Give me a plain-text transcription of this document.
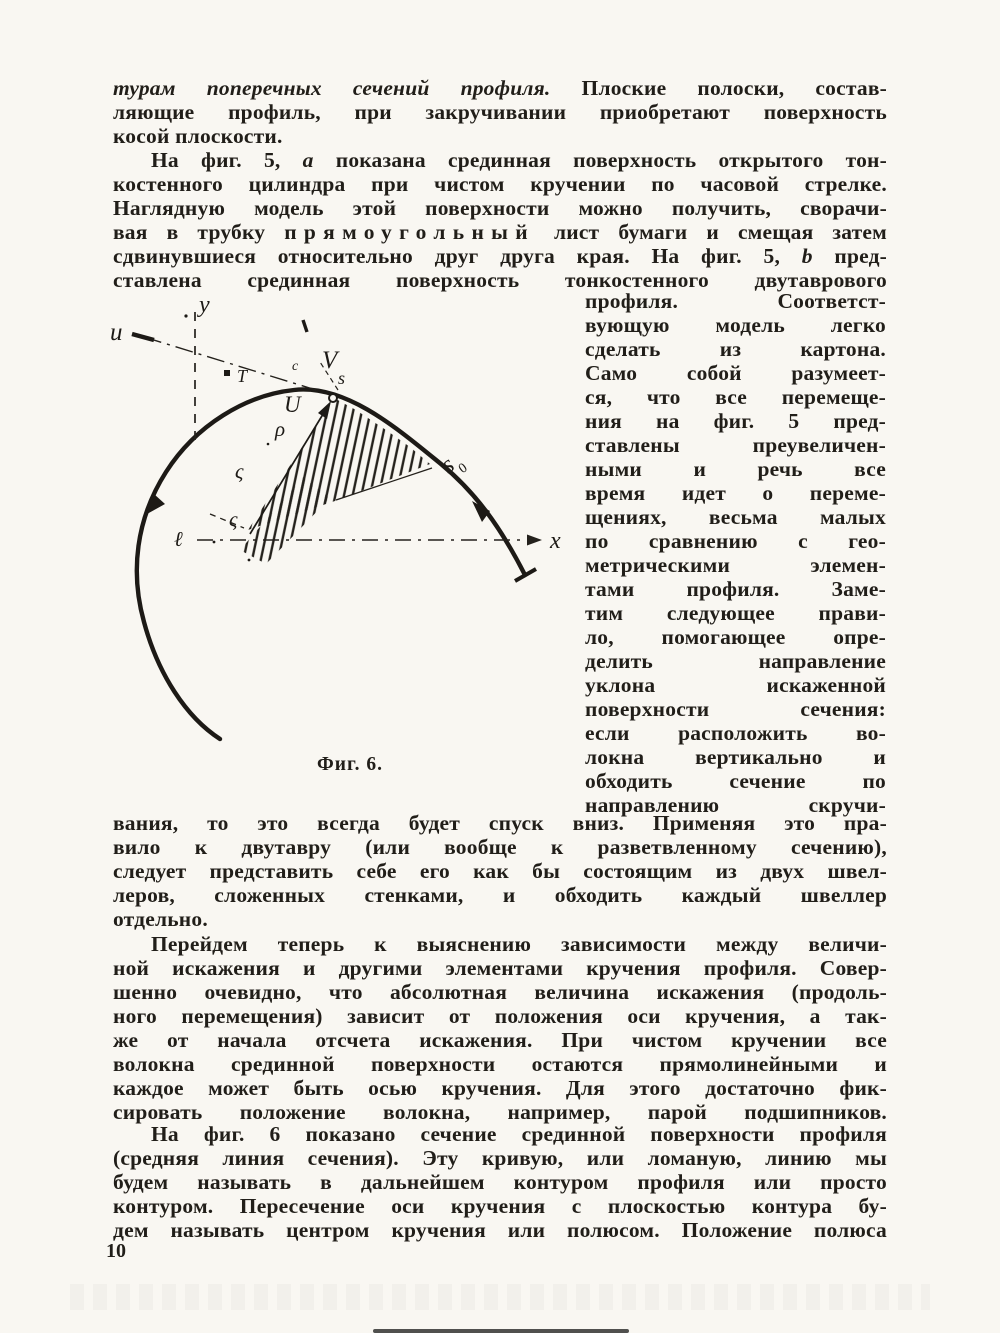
турам поперечных сечений профиля. Плоские полоски, состав-
ляющие профиль, при закручивании приобретают поверхность
косой плоскости.
На фиг. 5, а показана срединная поверхность открытого тон-
костенного цилиндра при чистом кручении по часовой стрелке.
Наглядную модель этой поверхности можно получить, сворачи-
вая в трубку прямоугольный лист бумаги и смещая затем
сдвинувшиеся относительно друг друга края. На фиг. 5, b пред-
ставлена срединная поверхность тонкостенного двутаврового
x
ℓ
u
y
V
c
s
U
T
ρ
ς
ς
s
0
Фиг. 6.
профиля. Соответст-
вующую модель легко
сделать из картона.
Само собой разумеет-
ся, что все перемеще-
ния на фиг. 5 пред-
ставлены преувеличен-
ными и речь все
время идет о переме-
щениях, весьма малых
по сравнению с гео-
метрическими элемен-
тами профиля. Заме-
тим следующее прави-
ло, помогающее опре-
делить направление
уклона искаженной
поверхности сечения:
если расположить во-
локна вертикально и
обходить сечение по
направлению скручи-
вания, то это всегда будет спуск вниз. Применяя это пра-
вило к двутавру (или вообще к разветвленному сечению),
следует представить себе его как бы состоящим из двух швел-
леров, сложенных стенками, и обходить каждый швеллер
отдельно.
Перейдем теперь к выяснению зависимости между величи-
ной искажения и другими элементами кручения профиля. Совер-
шенно очевидно, что абсолютная величина искажения (продоль-
ного перемещения) зависит от положения оси кручения, а так-
же от начала отсчета искажения. При чистом кручении все
волокна срединной поверхности остаются прямолинейными и
каждое может быть осью кручения. Для этого достаточно фик-
сировать положение волокна, например, парой подшипников.
На фиг. 6 показано сечение срединной поверхности профиля
(средняя линия сечения). Эту кривую, или ломаную, линию мы
будем называть в дальнейшем контуром профиля или просто
контуром. Пересечение оси кручения с плоскостью контура бу-
дем называть центром кручения или полюсом. Положение полюса
10
